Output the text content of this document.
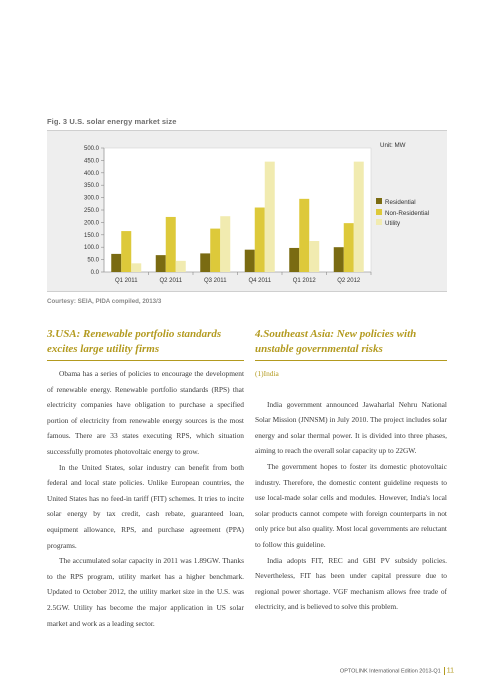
Fig. 3 U.S. solar energy market size
0.0
50.0
100.0
150.0
200.0
250.0
300.0
350.0
400.0
450.0
500.0
Q1 2011	Q2 2011	Q3 2011	Q4 2011	Q1 2012	Q2 2012
Unit: MW
Residential
Non-Residential
Utility
Courtesy: SEIA, PIDA compiled, 2013/3
3.USA: Renewable portfolio standards excites large utility firms
4.Southeast Asia: New policies with unstable governmental risks

Obama has a series of policies to encourage the development of renewable energy. Renewable portfolio standards (RPS) that electricity companies have obligation to purchase a specified portion of electricity from renewable energy sources is the most famous. There are 33 states executing RPS, which situation successfully promotes photovoltaic energy to grow.

In the United States, solar industry can benefit from both federal and local state policies. Unlike European countries, the United States has no feed-in tariff (FIT) schemes. It tries to incite solar energy by tax credit, cash rebate, guaranteed loan, equipment allowance, RPS, and purchase agreement (PPA) programs.

The accumulated solar capacity in 2011 was 1.89GW. Thanks to the RPS program, utility market has a higher benchmark. Updated to October 2012, the utility market size in the U.S. was 2.5GW. Utility has become the major application in US solar market and work as a leading sector.

(1)India

India government announced Jawaharlal Nehru National Solar Mission (JNNSM) in July 2010. The project includes solar energy and solar thermal power. It is divided into three phases, aiming to reach the overall solar capacity up to 22GW.

The government hopes to foster its domestic photovoltaic industry. Therefore, the domestic content guideline requests to use local-made solar cells and modules. However, India's local solar products cannot compete with foreign counterparts in not only price but also quality. Most local governments are reluctant to follow this guideline.

India adopts FIT, REC and GBI PV subsidy policies. Nevertheless, FIT has been under capital pressure due to regional power shortage. VGF mechanism allows free trade of electricity, and is believed to solve this problem.

OPTOLINK International Edition 2013-Q1 11
